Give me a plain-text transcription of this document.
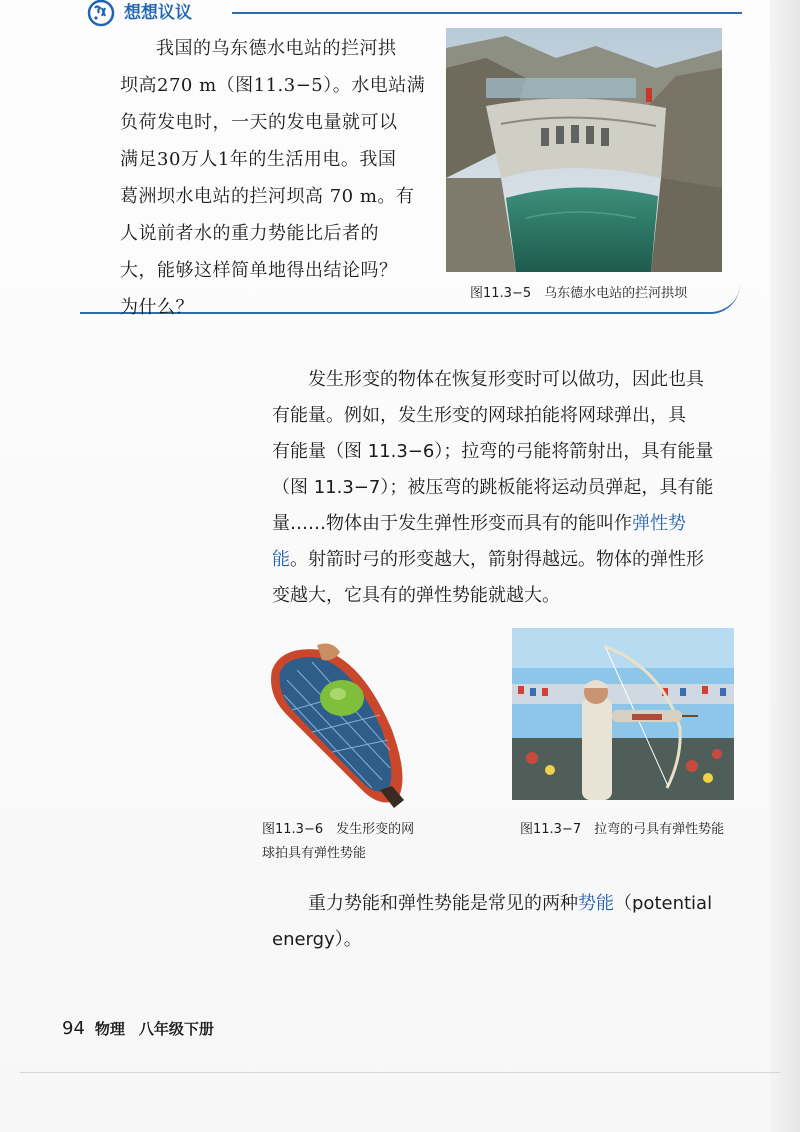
想想议议
我国的乌东德水电站的拦河拱
坝高270 m（图11.3−5）。水电站满
负荷发电时，一天的发电量就可以
满足30万人1年的生活用电。我国
葛洲坝水电站的拦河坝高 70 m。有
人说前者水的重力势能比后者的
大，能够这样简单地得出结论吗？
为什么？
图11.3−5　乌东德水电站的拦河拱坝
发生形变的物体在恢复形变时可以做功，因此也具
有能量。例如，发生形变的网球拍能将网球弹出，具
有能量（图 11.3−6）；拉弯的弓能将箭射出，具有能量
（图 11.3−7）；被压弯的跳板能将运动员弹起，具有能
量……物体由于发生弹性形变而具有的能叫作弹性势
能。射箭时弓的形变越大，箭射得越远。物体的弹性形
变越大，它具有的弹性势能就越大。
图11.3−6　发生形变的网
球拍具有弹性势能
图11.3−7　拉弯的弓具有弹性势能
重力势能和弹性势能是常见的两种势能（potential
energy）。
94 物理 八年级下册
